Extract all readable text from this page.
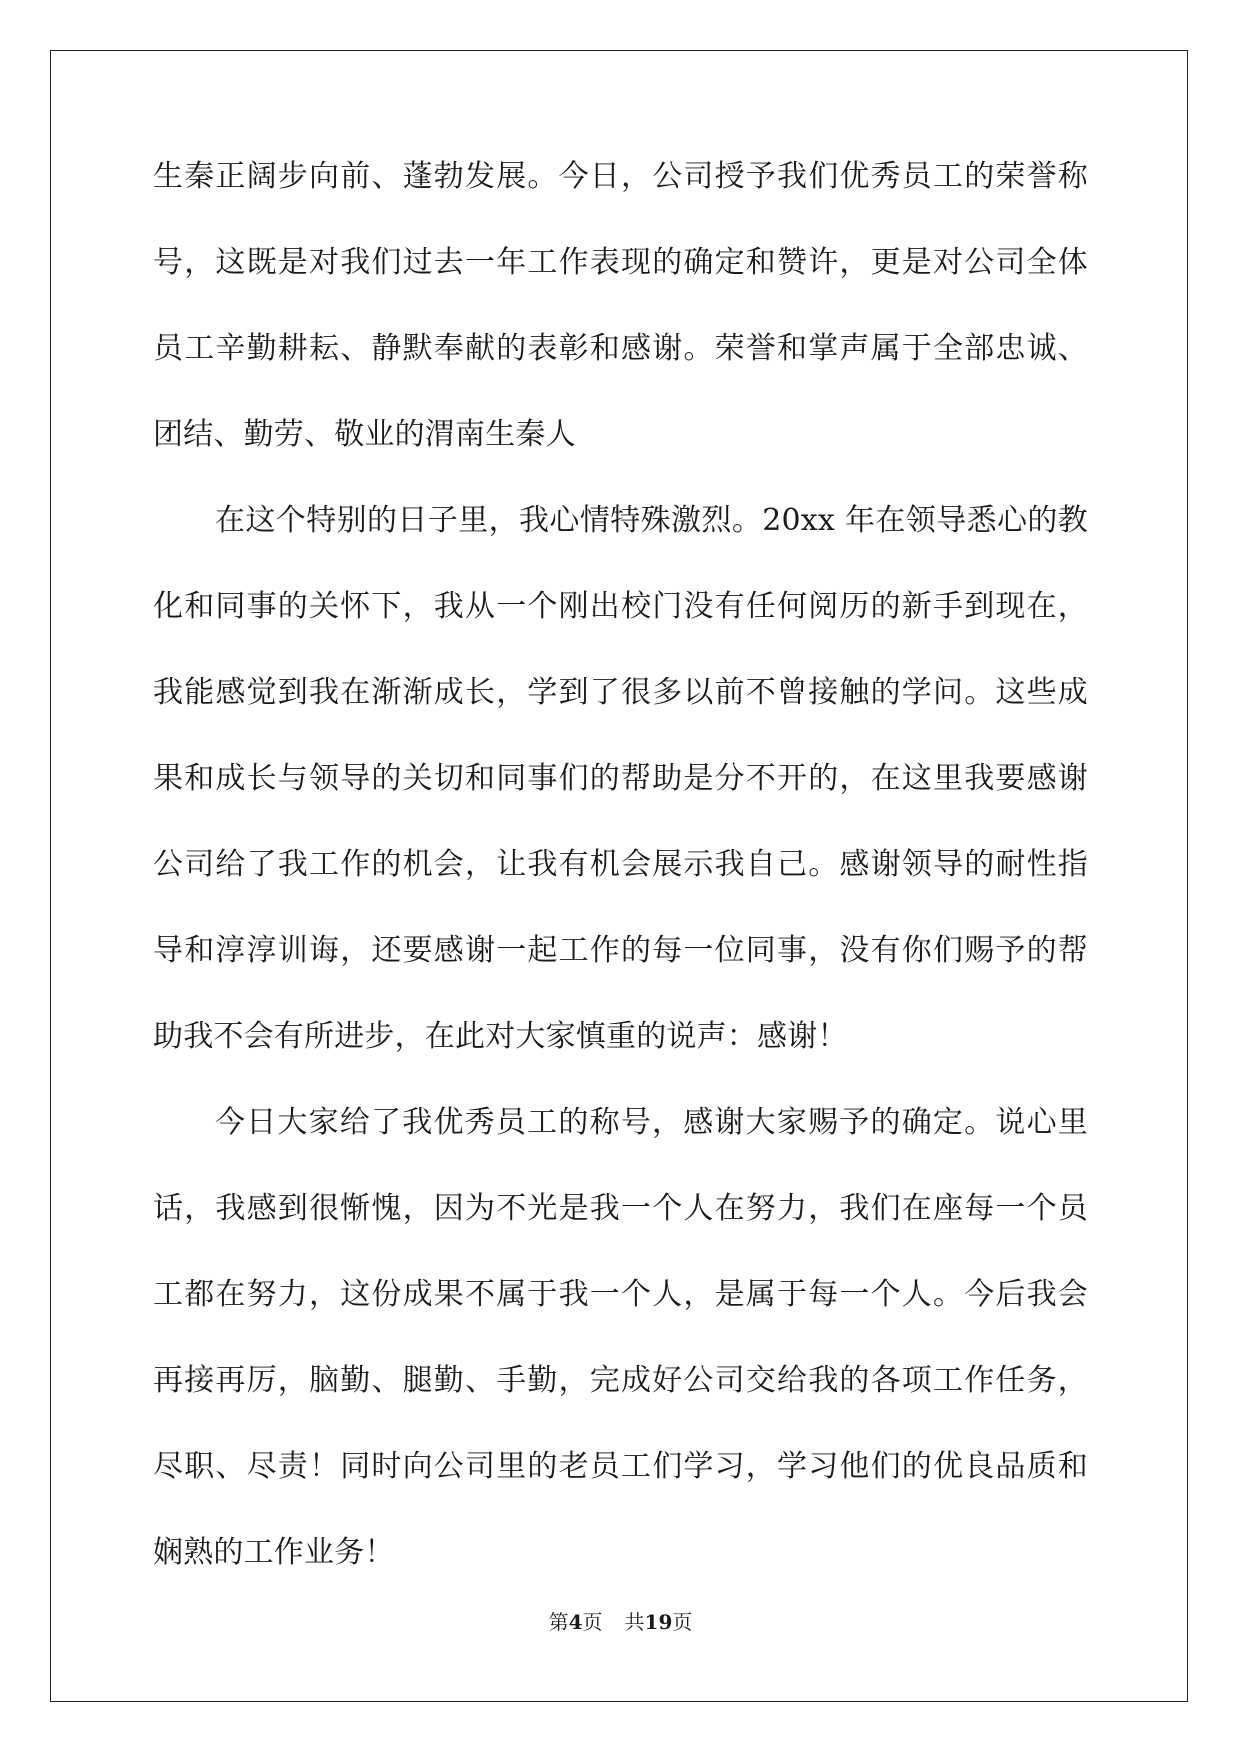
生秦正阔步向前、蓬勃发展。今日，公司授予我们优秀员工的荣誉称
号，这既是对我们过去一年工作表现的确定和赞许，更是对公司全体
员工辛勤耕耘、静默奉献的表彰和感谢。荣誉和掌声属于全部忠诚、
团结、勤劳、敬业的渭南生秦人
在这个特别的日子里，我心情特殊激烈。20xx 年在领导悉心的教
化和同事的关怀下，我从一个刚出校门没有任何阅历的新手到现在，
我能感觉到我在渐渐成长，学到了很多以前不曾接触的学问。这些成
果和成长与领导的关切和同事们的帮助是分不开的，在这里我要感谢
公司给了我工作的机会，让我有机会展示我自己。感谢领导的耐性指
导和淳淳训诲，还要感谢一起工作的每一位同事，没有你们赐予的帮
助我不会有所进步，在此对大家慎重的说声：感谢！
今日大家给了我优秀员工的称号，感谢大家赐予的确定。说心里
话，我感到很惭愧，因为不光是我一个人在努力，我们在座每一个员
工都在努力，这份成果不属于我一个人，是属于每一个人。今后我会
再接再厉，脑勤、腿勤、手勤，完成好公司交给我的各项工作任务，
尽职、尽责！同时向公司里的老员工们学习，学习他们的优良品质和
娴熟的工作业务！
第4页 共19页
